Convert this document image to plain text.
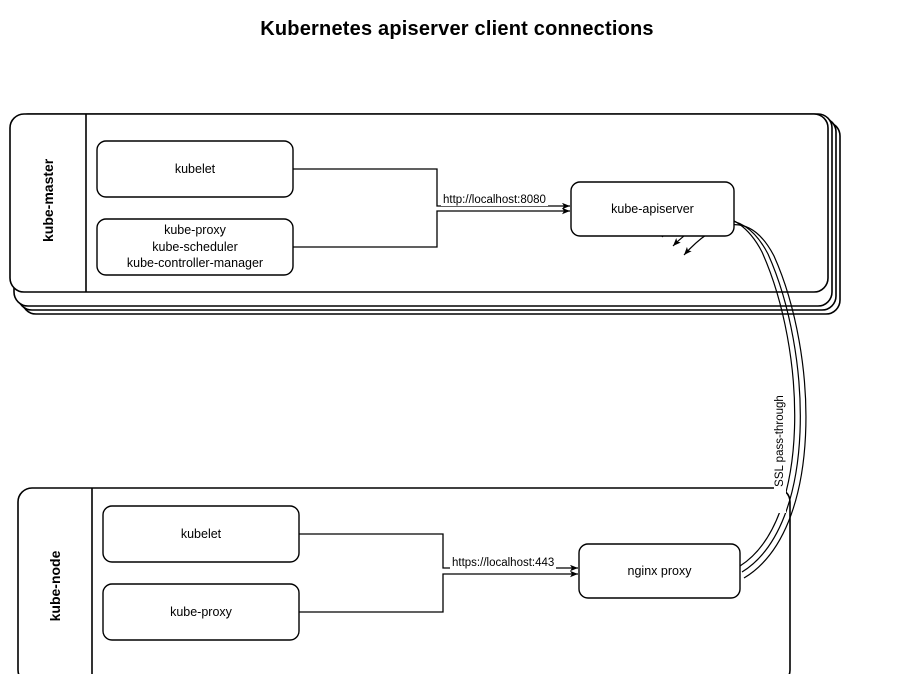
Kubernetes apiserver client connections
kube-master
kube-node
kubelet
kube-proxy
kube-scheduler
kube-controller-manager
kube-apiserver
kubelet
kube-proxy
nginx proxy
http://localhost:8080
https://localhost:443
SSL pass-through
